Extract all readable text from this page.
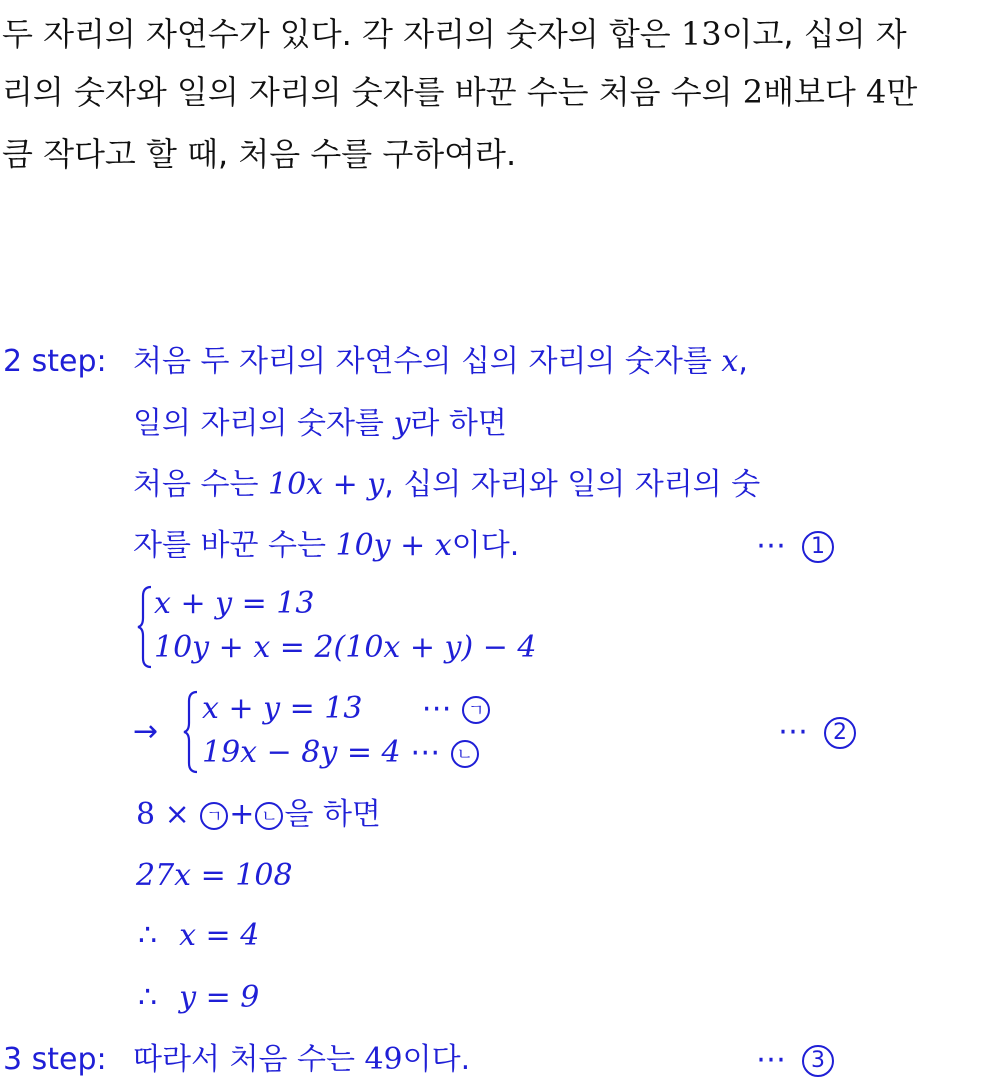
두 자리의 자연수가 있다. 각 자리의 숫자의 합은 13이고, 십의 자
리의 숫자와 일의 자리의 숫자를 바꾼 수는 처음 수의 2배보다 4만
큼 작다고 할 때, 처음 수를 구하여라.
2 step: 처음 두 자리의 자연수의 십의 자리의 숫자를 x,
일의 자리의 숫자를 y라 하면
처음 수는 10x + y, 십의 자리와 일의 자리의 숫
자를 바꾼 수는 10y + x이다.	⋯ 1
x + y = 13
10y + x = 2(10x + y) − 4
→
x + y = 13 ⋯ ㄱ
19x − 8y = 4 ⋯ ㄴ
⋯ 2
8 × ㄱ + ㄴ 을 하면
27x = 108
∴ x = 4
∴ y = 9
3 step: 따라서 처음 수는 49이다.	⋯ 3
